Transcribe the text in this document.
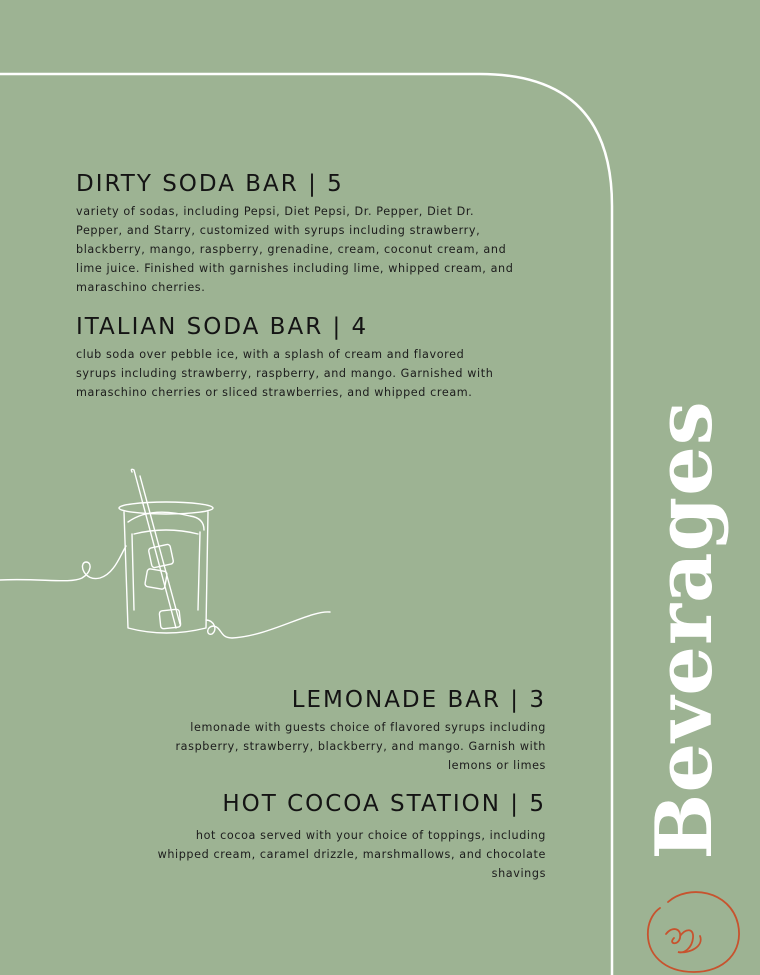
DIRTY SODA BAR | 5

variety of sodas, including Pepsi, Diet Pepsi, Dr. Pepper, Diet Dr. Pepper, and Starry, customized with syrups including strawberry, blackberry, mango, raspberry, grenadine, cream, coconut cream, and lime juice. Finished with garnishes including lime, whipped cream, and maraschino cherries.

ITALIAN SODA BAR | 4

club soda over pebble ice, with a splash of cream and flavored syrups including strawberry, raspberry, and mango. Garnished with maraschino cherries or sliced strawberries, and whipped cream.

LEMONADE BAR | 3

lemonade with guests choice of flavored syrups including raspberry, strawberry, blackberry, and mango. Garnish with lemons or limes

HOT COCOA STATION | 5

hot cocoa served with your choice of toppings, including whipped cream, caramel drizzle, marshmallows, and chocolate shavings

Beverages
